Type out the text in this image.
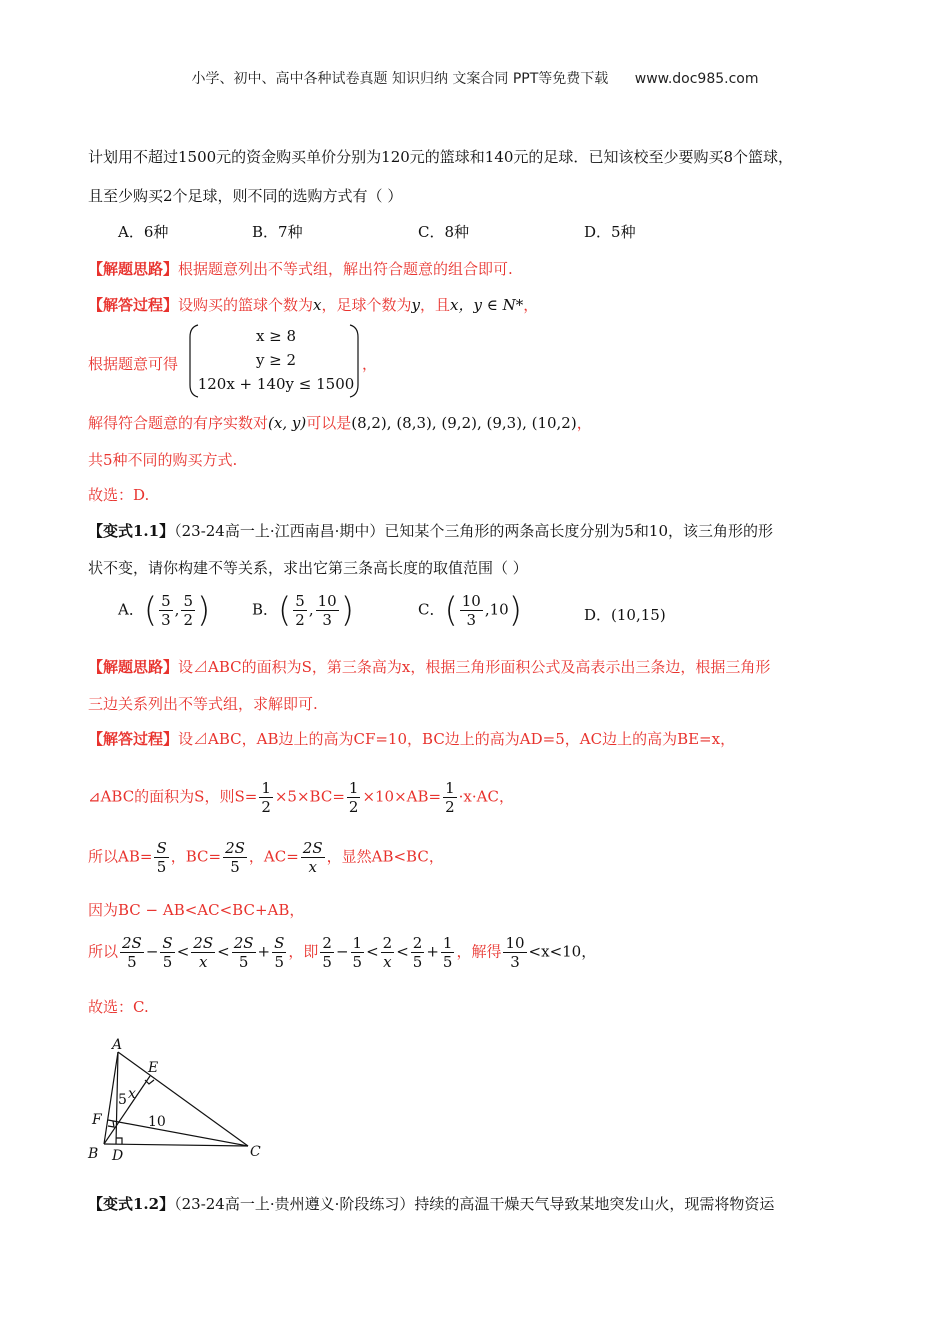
小学、初中、高中各种试卷真题 知识归纳 文案合同 PPT等免费下载 www.doc985.com
计划用不超过1500元的资金购买单价分别为120元的篮球和140元的足球．已知该校至少要购买8个篮球，
且至少购买2个足球，则不同的选购方式有（ ）
A．6种	B．7种	C．8种	D．5种
【解题思路】根据题意列出不等式组，解出符合题意的组合即可.
【解答过程】设购买的篮球个数为x，足球个数为y，且x，y ∈ N*，
根据题意可得
x ≥ 8
y ≥ 2
120x + 140y ≤ 1500
，
解得符合题意的有序实数对(x, y)可以是(8,2), (8,3), (9,2), (9,3), (10,2)，
共5种不同的购买方式.
故选：D.
【变式1.1】（23-24高一上·江西南昌·期中）已知某个三角形的两条高长度分别为5和10，该三角形的形
状不变，请你构建不等关系，求出它第三条高长度的取值范围（ ）
A．( $\frac{5}{3}$ , $\frac{5}{2}$ )	B．( $\frac{5}{2}$ , $\frac{10}{3}$ )	C．( $\frac{10}{3} ,10$)	D．(10,15)
【解题思路】设⊿ABC的面积为S，第三条高为x，根据三角形面积公式及高表示出三条边，根据三角形
三边关系列出不等式组，求解即可.
【解答过程】设⊿ABC，AB边上的高为CF=10，BC边上的高为AD=5，AC边上的高为BE=x，
⊿ABC的面积为S，则$S= \frac{1}{2} \times 5\times BC= \frac{1}{2} \times 10\times AB= \frac{1}{2} \cdot x\cdot AC$，
所以$AB= \frac{S}{5}$ ，$BC= \frac{2S}{5}$ ，$AC= \frac{2S}{x}$ ，显然AB<BC，
因为BC − AB<AC<BC+AB，
所以 $\frac{2S}{5} - \frac{S}{5} < \frac{2S}{x} < \frac{2S}{5} + \frac{S}{5}$ ，即 $\frac{2}{5} - \frac{1}{5} < \frac{2}{x} < \frac{2}{5} + \frac{1}{5}$ ，解得 $\frac{10}{3} <x<10$，
故选：C.
A
B	C
D
E
F
x
5
10
【变式1.2】（23-24高一上·贵州遵义·阶段练习）持续的高温干燥天气导致某地突发山火，现需将物资运
